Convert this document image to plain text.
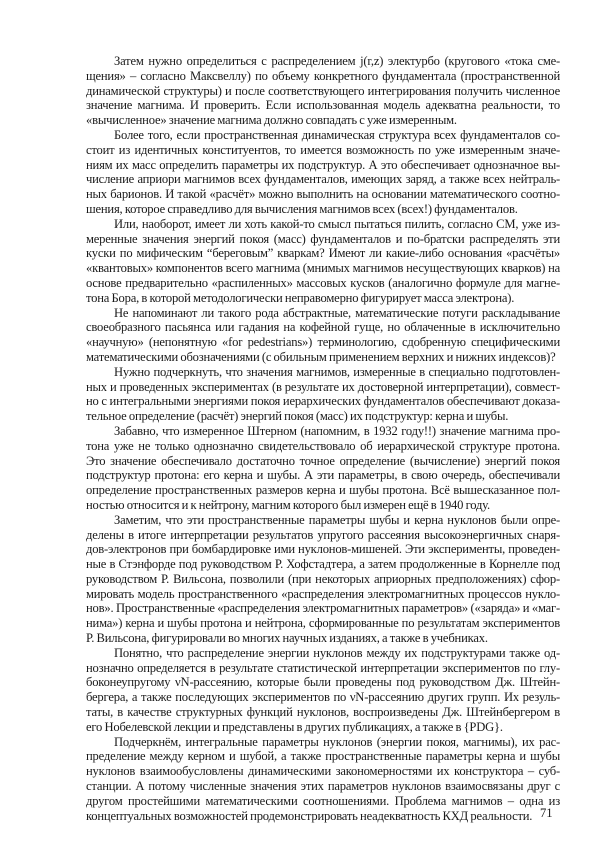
Затем нужно определиться с распределением j(r,z) электурбо (кругового «тока сме-
щения» – согласно Максвеллу) по объему конкретного фундаментала (пространственной
динамической структуры) и после соответствующего интегрирования получить численное
значение магнима. И проверить. Если использованная модель адекватна реальности, то
«вычисленное» значение магнима должно совпадать с уже измеренным.
Более того, если пространственная динамическая структура всех фундаменталов со-
стоит из идентичных конституентов, то имеется возможность по уже измеренным значе-
ниям их масс определить параметры их подструктур. А это обеспечивает однозначное вы-
числение априори магнимов всех фундаменталов, имеющих заряд, а также всех нейтраль-
ных барионов. И такой «расчёт» можно выполнить на основании математического соотно-
шения, которое справедливо для вычисления магнимов всех (всех!) фундаменталов.
Или, наоборот, имеет ли хоть какой-то смысл пытаться пилить, согласно СМ, уже из-
меренные значения энергий покоя (масс) фундаменталов и по-братски распределять эти
куски по мифическим “береговым” кваркам? Имеют ли какие-либо основания «расчёты»
«квантовых» компонентов всего магнима (мнимых магнимов несуществующих кварков) на
основе предварительно «распиленных» массовых кусков (аналогично формуле для магне-
тона Бора, в которой методологически неправомерно фигурирует масса электрона).
Не напоминают ли такого рода абстрактные, математические потуги раскладывание
своеобразного пасьянса или гадания на кофейной гуще, но облаченные в исключительно
«научную» (непонятную «for pedestrians») терминологию, сдобренную специфическими
математическими обозначениями (с обильным применением верхних и нижних индексов)?
Нужно подчеркнуть, что значения магнимов, измеренные в специально подготовлен-
ных и проведенных экспериментах (в результате их достоверной интерпретации), совмест-
но с интегральными энергиями покоя иерархических фундаменталов обеспечивают доказа-
тельное определение (расчёт) энергий покоя (масс) их подструктур: керна и шубы.
Забавно, что измеренное Штерном (напомним, в 1932 году!!) значение магнима про-
тона уже не только однозначно свидетельствовало об иерархической структуре протона.
Это значение обеспечивало достаточно точное определение (вычисление) энергий покоя
подструктур протона: его керна и шубы. А эти параметры, в свою очередь, обеспечивали
определение пространственных размеров керна и шубы протона. Всё вышесказанное пол-
ностью относится и к нейтрону, магним которого был измерен ещё в 1940 году.
Заметим, что эти пространственные параметры шубы и керна нуклонов были опре-
делены в итоге интерпретации результатов упругого рассеяния высокоэнергичных снаря-
дов-электронов при бомбардировке ими нуклонов-мишеней. Эти эксперименты, проведен-
ные в Стэнфорде под руководством Р. Хофстадтера, а затем продолженные в Корнелле под
руководством Р. Вильсона, позволили (при некоторых априорных предположениях) сфор-
мировать модель пространственного «распределения электромагнитных процессов нукло-
нов». Пространственные «распределения электромагнитных параметров» («заряда» и «маг-
нима») керна и шубы протона и нейтрона, сформированные по результатам экспериментов
Р. Вильсона, фигурировали во многих научных изданиях, а также в учебниках.
Понятно, что распределение энергии нуклонов между их подструктурами также од-
нозначно определяется в результате статистической интерпретации экспериментов по глу-
боконеупругому νN-рассеянию, которые были проведены под руководством Дж. Штейн-
бергера, а также последующих экспериментов по νN-рассеянию других групп. Их резуль-
таты, в качестве структурных функций нуклонов, воспроизведены Дж. Штейнбергером в
его Нобелевской лекции и представлены в других публикациях, а также в {PDG}.
Подчеркнём, интегральные параметры нуклонов (энергии покоя, магнимы), их рас-
пределение между керном и шубой, а также пространственные параметры керна и шубы
нуклонов взаимообусловлены динамическими закономерностями их конструктора – суб-
станции. А потому численные значения этих параметров нуклонов взаимосвязаны друг с
другом простейшими математическими соотношениями. Проблема магнимов – одна из
концептуальных возможностей продемонстрировать неадекватность КХД реальности. 71
